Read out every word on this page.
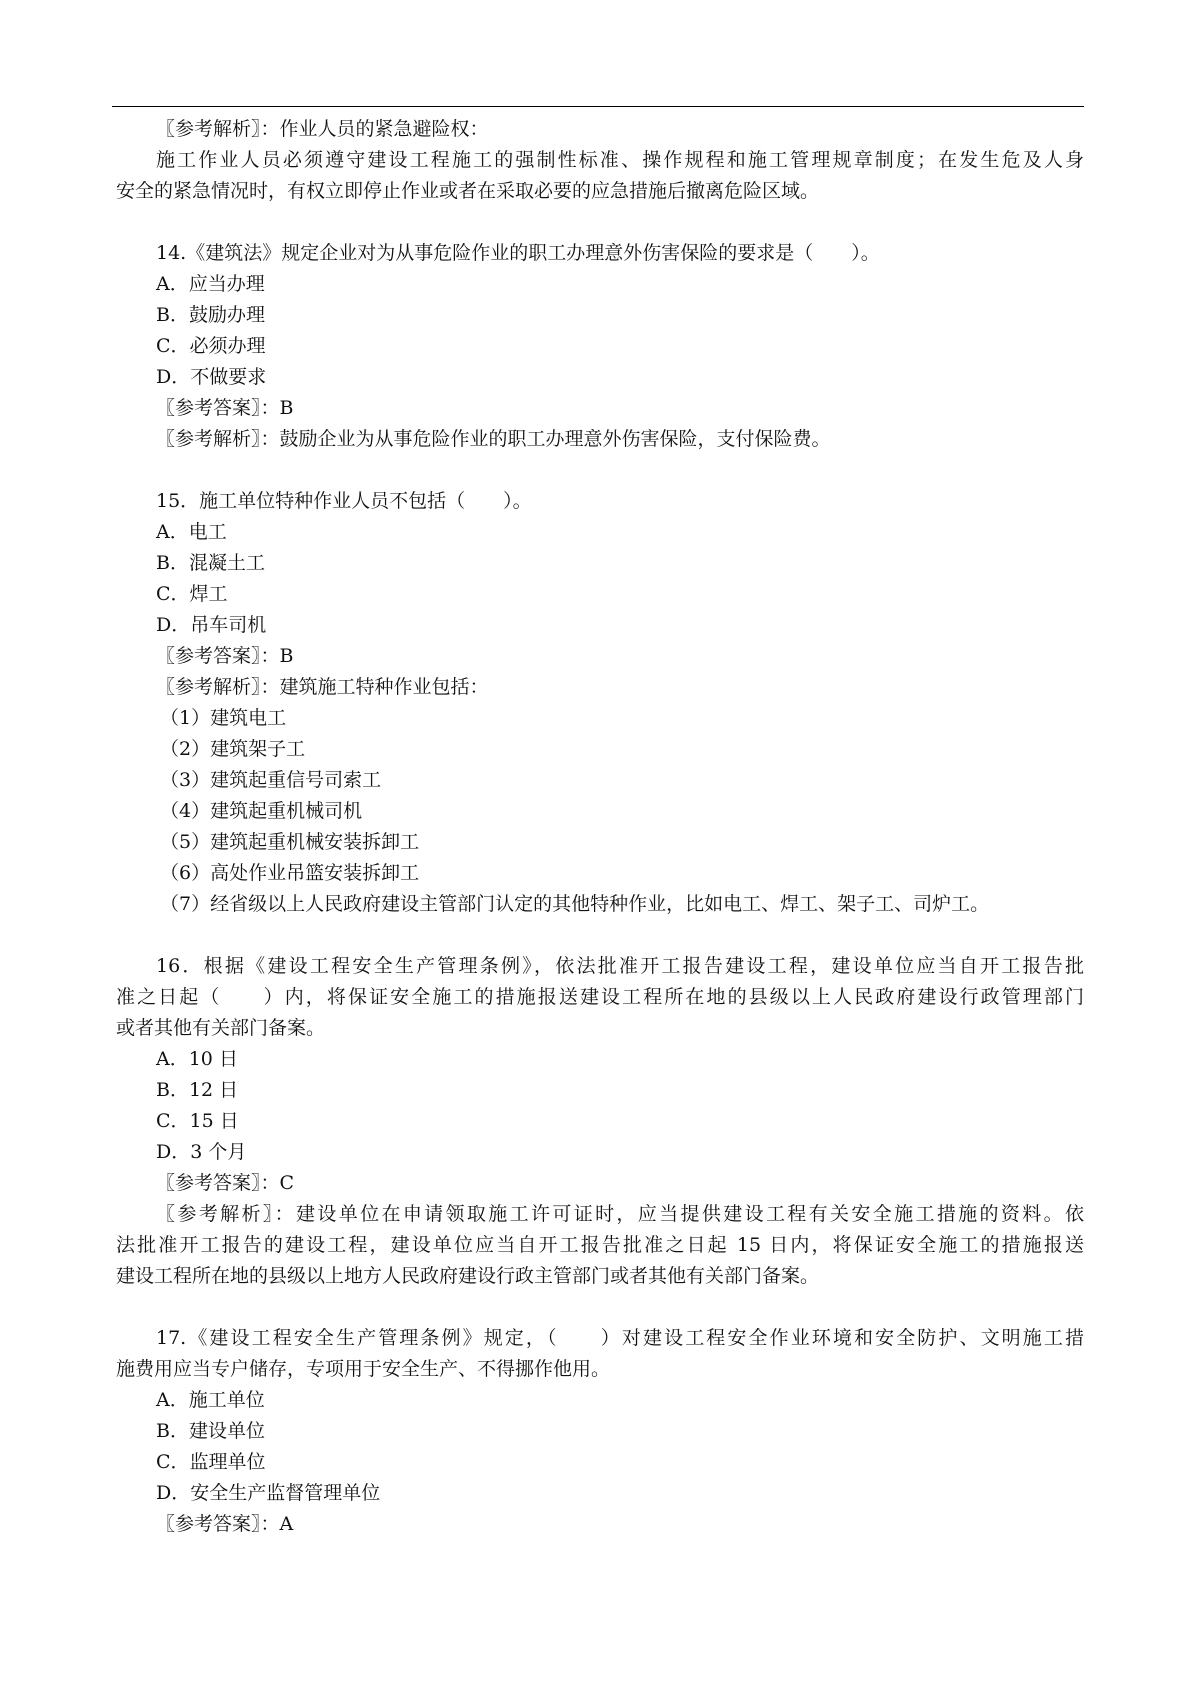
〖参考解析〗：作业人员的紧急避险权：
施工作业人员必须遵守建设工程施工的强制性标准、操作规程和施工管理规章制度；在发生危及人身
安全的紧急情况时，有权立即停止作业或者在采取必要的应急措施后撤离危险区域。
14.《建筑法》规定企业对为从事危险作业的职工办理意外伤害保险的要求是（　　）。
A．应当办理
B．鼓励办理
C．必须办理
D．不做要求
〖参考答案〗：B
〖参考解析〗：鼓励企业为从事危险作业的职工办理意外伤害保险，支付保险费。
15．施工单位特种作业人员不包括（　　）。
A．电工
B．混凝土工
C．焊工
D．吊车司机
〖参考答案〗：B
〖参考解析〗：建筑施工特种作业包括：
（1）建筑电工
（2）建筑架子工
（3）建筑起重信号司索工
（4）建筑起重机械司机
（5）建筑起重机械安装拆卸工
（6）高处作业吊篮安装拆卸工
（7）经省级以上人民政府建设主管部门认定的其他特种作业，比如电工、焊工、架子工、司炉工。
16．根据《建设工程安全生产管理条例》，依法批准开工报告建设工程，建设单位应当自开工报告批
准之日起（　　）内，将保证安全施工的措施报送建设工程所在地的县级以上人民政府建设行政管理部门
或者其他有关部门备案。
A．10 日
B．12 日
C．15 日
D．3 个月
〖参考答案〗：C
〖参考解析〗：建设单位在申请领取施工许可证时，应当提供建设工程有关安全施工措施的资料。依
法批准开工报告的建设工程，建设单位应当自开工报告批准之日起 15 日内，将保证安全施工的措施报送
建设工程所在地的县级以上地方人民政府建设行政主管部门或者其他有关部门备案。
17.《建设工程安全生产管理条例》规定，（　　）对建设工程安全作业环境和安全防护、文明施工措
施费用应当专户储存，专项用于安全生产、不得挪作他用。
A．施工单位
B．建设单位
C．监理单位
D．安全生产监督管理单位
〖参考答案〗：A
